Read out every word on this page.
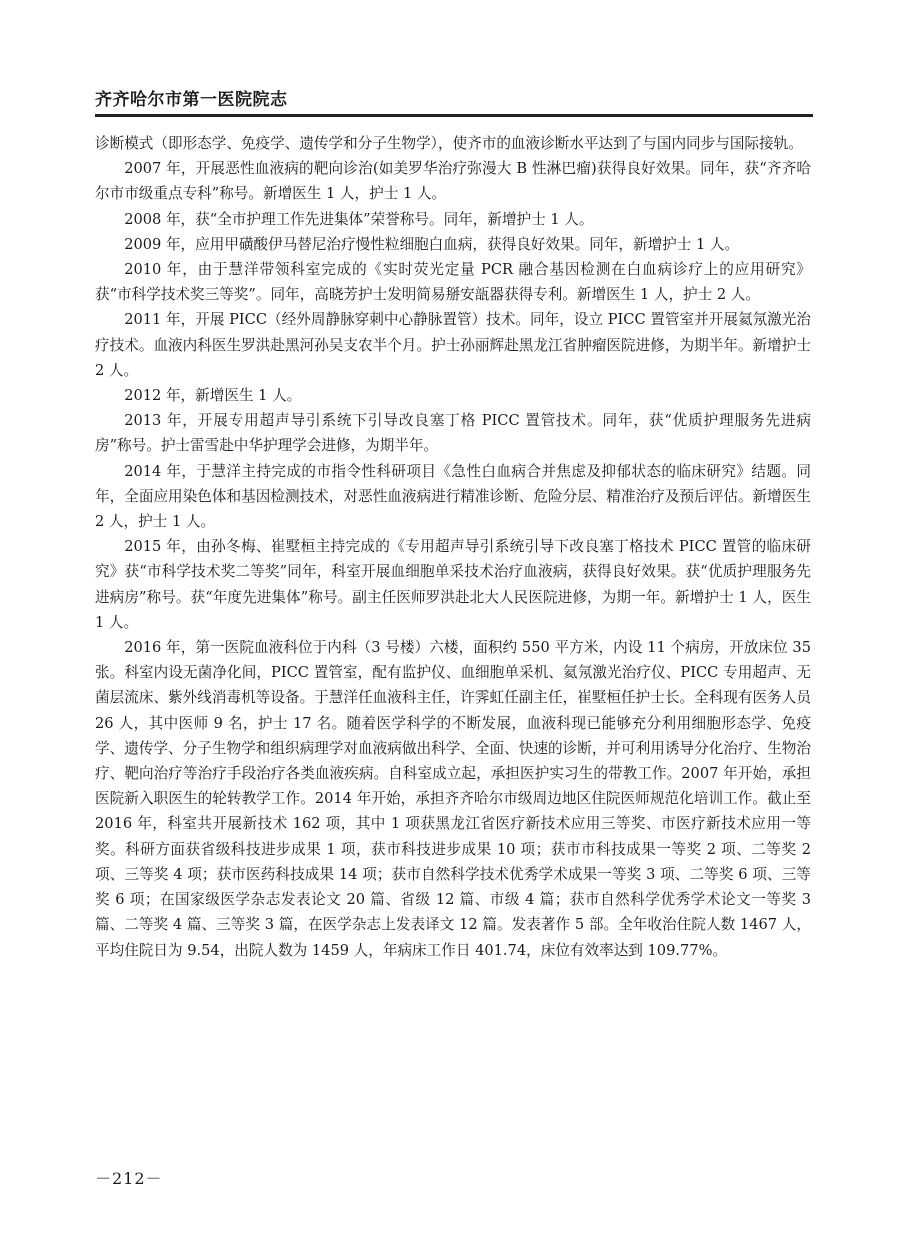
齐齐哈尔市第一医院院志

诊断模式（即形态学、免疫学、遗传学和分子生物学），使齐市的血液诊断水平达到了与国内同步与国际接轨。

2007 年，开展恶性血液病的靶向诊治(如美罗华治疗弥漫大 B 性淋巴瘤)获得良好效果。同年，获“齐齐哈尔市市级重点专科”称号。新增医生 1 人，护士 1 人。

2008 年，获“全市护理工作先进集体”荣誉称号。同年，新增护士 1 人。

2009 年，应用甲磺酸伊马替尼治疗慢性粒细胞白血病，获得良好效果。同年，新增护士 1 人。

2010 年，由于慧洋带领科室完成的《实时荧光定量 PCR 融合基因检测在白血病诊疗上的应用研究》获“市科学技术奖三等奖”。同年，高晓芳护士发明简易掰安瓿器获得专利。新增医生 1 人，护士 2 人。

2011 年，开展 PICC（经外周静脉穿刺中心静脉置管）技术。同年，设立 PICC 置管室并开展氦氖激光治疗技术。血液内科医生罗洪赴黑河孙吴支农半个月。护士孙丽辉赴黑龙江省肿瘤医院进修，为期半年。新增护士 2 人。

2012 年，新增医生 1 人。

2013 年，开展专用超声导引系统下引导改良塞丁格 PICC 置管技术。同年，获“优质护理服务先进病房”称号。护士雷雪赴中华护理学会进修，为期半年。

2014 年，于慧洋主持完成的市指令性科研项目《急性白血病合并焦虑及抑郁状态的临床研究》结题。同年，全面应用染色体和基因检测技术，对恶性血液病进行精准诊断、危险分层、精准治疗及预后评估。新增医生 2 人，护士 1 人。

2015 年，由孙冬梅、崔墅桓主持完成的《专用超声导引系统引导下改良塞丁格技术 PICC 置管的临床研究》获“市科学技术奖二等奖”同年，科室开展血细胞单采技术治疗血液病，获得良好效果。获“优质护理服务先进病房”称号。获“年度先进集体”称号。副主任医师罗洪赴北大人民医院进修，为期一年。新增护士 1 人，医生 1 人。

2016 年，第一医院血液科位于内科（3 号楼）六楼，面积约 550 平方米，内设 11 个病房，开放床位 35 张。科室内设无菌净化间，PICC 置管室，配有监护仪、血细胞单采机、氦氖激光治疗仪、PICC 专用超声、无菌层流床、紫外线消毒机等设备。于慧洋任血液科主任，许霁虹任副主任，崔墅桓任护士长。全科现有医务人员 26 人，其中医师 9 名，护士 17 名。随着医学科学的不断发展，血液科现已能够充分利用细胞形态学、免疫学、遗传学、分子生物学和组织病理学对血液病做出科学、全面、快速的诊断，并可利用诱导分化治疗、生物治疗、靶向治疗等治疗手段治疗各类血液疾病。自科室成立起，承担医护实习生的带教工作。2007 年开始，承担医院新入职医生的轮转教学工作。2014 年开始，承担齐齐哈尔市级周边地区住院医师规范化培训工作。截止至 2016 年，科室共开展新技术 162 项，其中 1 项获黑龙江省医疗新技术应用三等奖、市医疗新技术应用一等奖。科研方面获省级科技进步成果 1 项，获市科技进步成果 10 项；获市市科技成果一等奖 2 项、二等奖 2 项、三等奖 4 项；获市医药科技成果 14 项；获市自然科学技术优秀学术成果一等奖 3 项、二等奖 6 项、三等奖 6 项；在国家级医学杂志发表论文 20 篇、省级 12 篇、市级 4 篇；获市自然科学优秀学术论文一等奖 3 篇、二等奖 4 篇、三等奖 3 篇，在医学杂志上发表译文 12 篇。发表著作 5 部。全年收治住院人数 1467 人，平均住院日为 9.54，出院人数为 1459 人，年病床工作日 401.74，床位有效率达到 109.77%。

－212－
